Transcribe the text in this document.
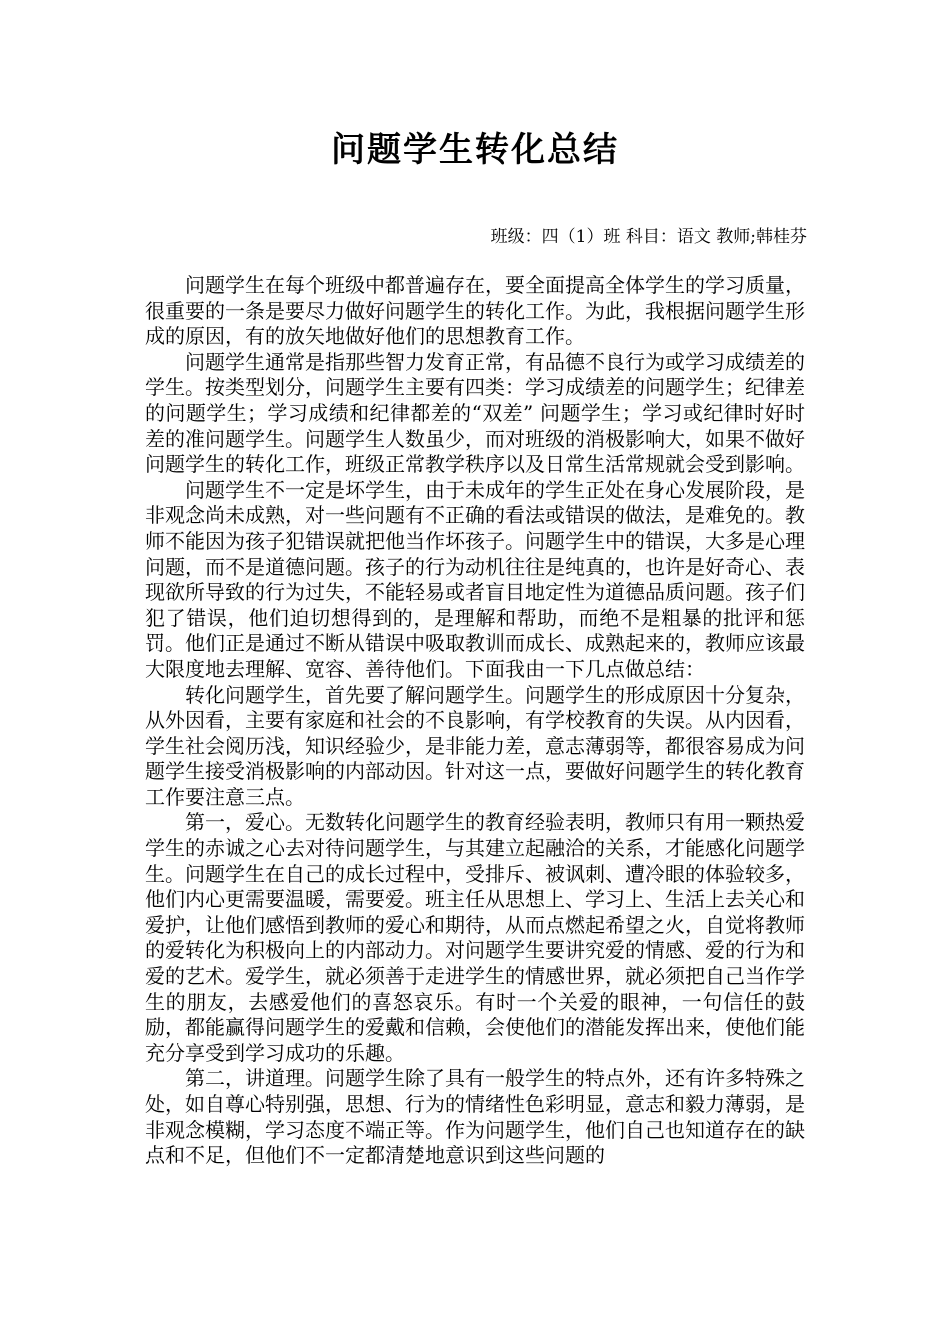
问题学生转化总结
班级：四（1）班 科目：语文 教师;韩桂芬

问题学生在每个班级中都普遍存在，要全面提高全体学生的学习质量，很重要的一条是要尽力做好问题学生的转化工作。为此，我根据问题学生形成的原因，有的放矢地做好他们的思想教育工作。

问题学生通常是指那些智力发育正常，有品德不良行为或学习成绩差的学生。按类型划分，问题学生主要有四类：学习成绩差的问题学生；纪律差的问题学生；学习成绩和纪律都差的“双差” 问题学生；学习或纪律时好时差的准问题学生。问题学生人数虽少，而对班级的消极影响大，如果不做好问题学生的转化工作，班级正常教学秩序以及日常生活常规就会受到影响。

问题学生不一定是坏学生，由于未成年的学生正处在身心发展阶段，是非观念尚未成熟，对一些问题有不正确的看法或错误的做法，是难免的。教师不能因为孩子犯错误就把他当作坏孩子。问题学生中的错误，大多是心理问题，而不是道德问题。孩子的行为动机往往是纯真的，也许是好奇心、表现欲所导致的行为过失，不能轻易或者盲目地定性为道德品质问题。孩子们犯了错误，他们迫切想得到的，是理解和帮助，而绝不是粗暴的批评和惩罚。他们正是通过不断从错误中吸取教训而成长、成熟起来的，教师应该最大限度地去理解、宽容、善待他们。下面我由一下几点做总结：

转化问题学生，首先要了解问题学生。问题学生的形成原因十分复杂，从外因看，主要有家庭和社会的不良影响，有学校教育的失误。从内因看，学生社会阅历浅，知识经验少，是非能力差，意志薄弱等，都很容易成为问题学生接受消极影响的内部动因。针对这一点，要做好问题学生的转化教育工作要注意三点。

第一，爱心。无数转化问题学生的教育经验表明，教师只有用一颗热爱学生的赤诚之心去对待问题学生，与其建立起融洽的关系，才能感化问题学生。问题学生在自己的成长过程中，受排斥、被讽刺、遭冷眼的体验较多，他们内心更需要温暖，需要爱。班主任从思想上、学习上、生活上去关心和爱护，让他们感悟到教师的爱心和期待，从而点燃起希望之火，自觉将教师的爱转化为积极向上的内部动力。对问题学生要讲究爱的情感、爱的行为和爱的艺术。爱学生，就必须善于走进学生的情感世界，就必须把自己当作学生的朋友，去感爱他们的喜怒哀乐。有时一个关爱的眼神，一句信任的鼓励，都能赢得问题学生的爱戴和信赖，会使他们的潜能发挥出来，使他们能充分享受到学习成功的乐趣。

第二，讲道理。问题学生除了具有一般学生的特点外，还有许多特殊之处，如自尊心特别强，思想、行为的情绪性色彩明显，意志和毅力薄弱，是非观念模糊，学习态度不端正等。作为问题学生，他们自己也知道存在的缺点和不足，但他们不一定都清楚地意识到这些问题的
